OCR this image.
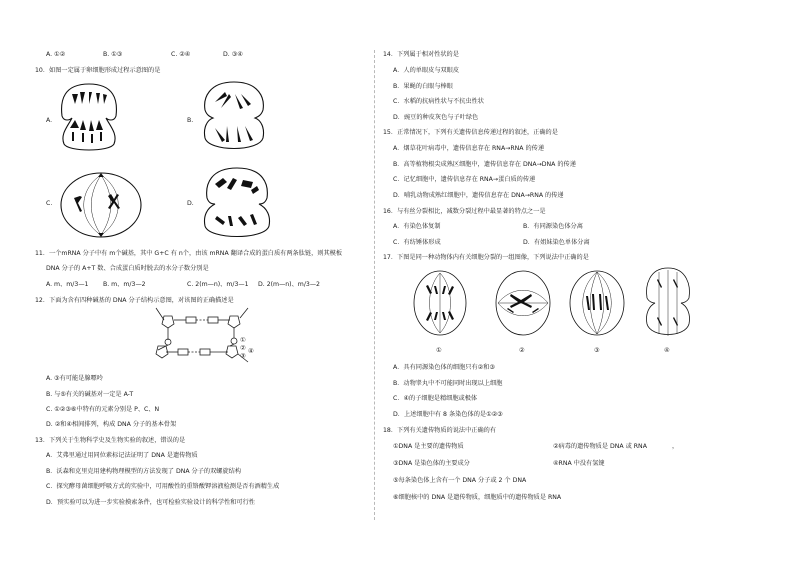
A. ①②	B. ①③	C. ②④	D. ③④
10．如图一定属于卵细胞形成过程示意图的是
A.	B.
C.	D.
11．一个mRNA 分子中有 m个碱基，其中 G+C 有 n个，由该 mRNA 翻译合成的蛋白质有两条肽链，则其模板
DNA 分子的 A+T 数、合成蛋白质时脱去的水分子数分别是
A. m、m/3—1 B. m、m/3—2	C. 2(m—n)、m/3—1 D. 2(m—n)、m/3—2
12．下面为含有四种碱基的 DNA 分子结构示意图，对该图的正确描述是
①
②
③
④
A. ③有可能是腺嘌呤
B. 与⑤有关的碱基对一定是 A-T
C. ①②③⑥中特有的元素分别是 P、C、N
D. ②和④相间排列，构成 DNA 分子的基本骨架
13．下列关于生物科学史及生物实验的叙述，错误的是
A．艾弗里通过用同位素标记法证明了 DNA 是遗传物质
B．沃森和克里克用建构物理模型的方法发现了 DNA 分子的双螺旋结构
C．探究酵母菌细胞呼吸方式的实验中，可用酸性的重铬酸钾溶液检测是否有酒精生成
D．预实验可以为进一步实验摸索条件，也可检验实验设计的科学性和可行性
14．下列属于相对性状的是
A．人的单眼皮与双眼皮
B．果蝇的白眼与棒眼
C．水稻的抗病性状与不抗虫性状
D．豌豆的种皮灰色与子叶绿色
15．正常情况下，下列有关遗传信息传递过程的叙述，正确的是
A．烟草花叶病毒中，遗传信息存在 RNA→RNA 的传递
B．高等植物根尖成熟区细胞中，遗传信息存在 DNA→DNA 的传递
C．记忆细胞中，遗传信息存在 RNA→蛋白质的传递
D．哺乳动物成熟红细胞中，遗传信息存在 DNA→RNA 的传递
16．与有丝分裂相比，减数分裂过程中最显著的特点之一是
A．有染色体复制	B．有同源染色体分离
C．有纺锤体形成	D．有姐妹染色单体分离
17．下图是同一种动物体内有关细胞分裂的一组图像，下列说法中正确的是
①	②	③	④
A．具有同源染色体的细胞只有②和③
B．动物睾丸中不可能同时出现以上细胞
C．④的子细胞是精细胞或极体
D．上述细胞中有 8 条染色体的是①②③
18．下列有关遗传物质的说法中正确的有
①DNA 是主要的遗传物质	②病毒的遗传物质是 DNA 或 RNA	，
③DNA 是染色体的主要成分	④RNA 中没有氢键
⑤每条染色体上含有一个 DNA 分子或 2 个 DNA
⑥细胞核中的 DNA 是遗传物质，细胞质中的遗传物质是 RNA
